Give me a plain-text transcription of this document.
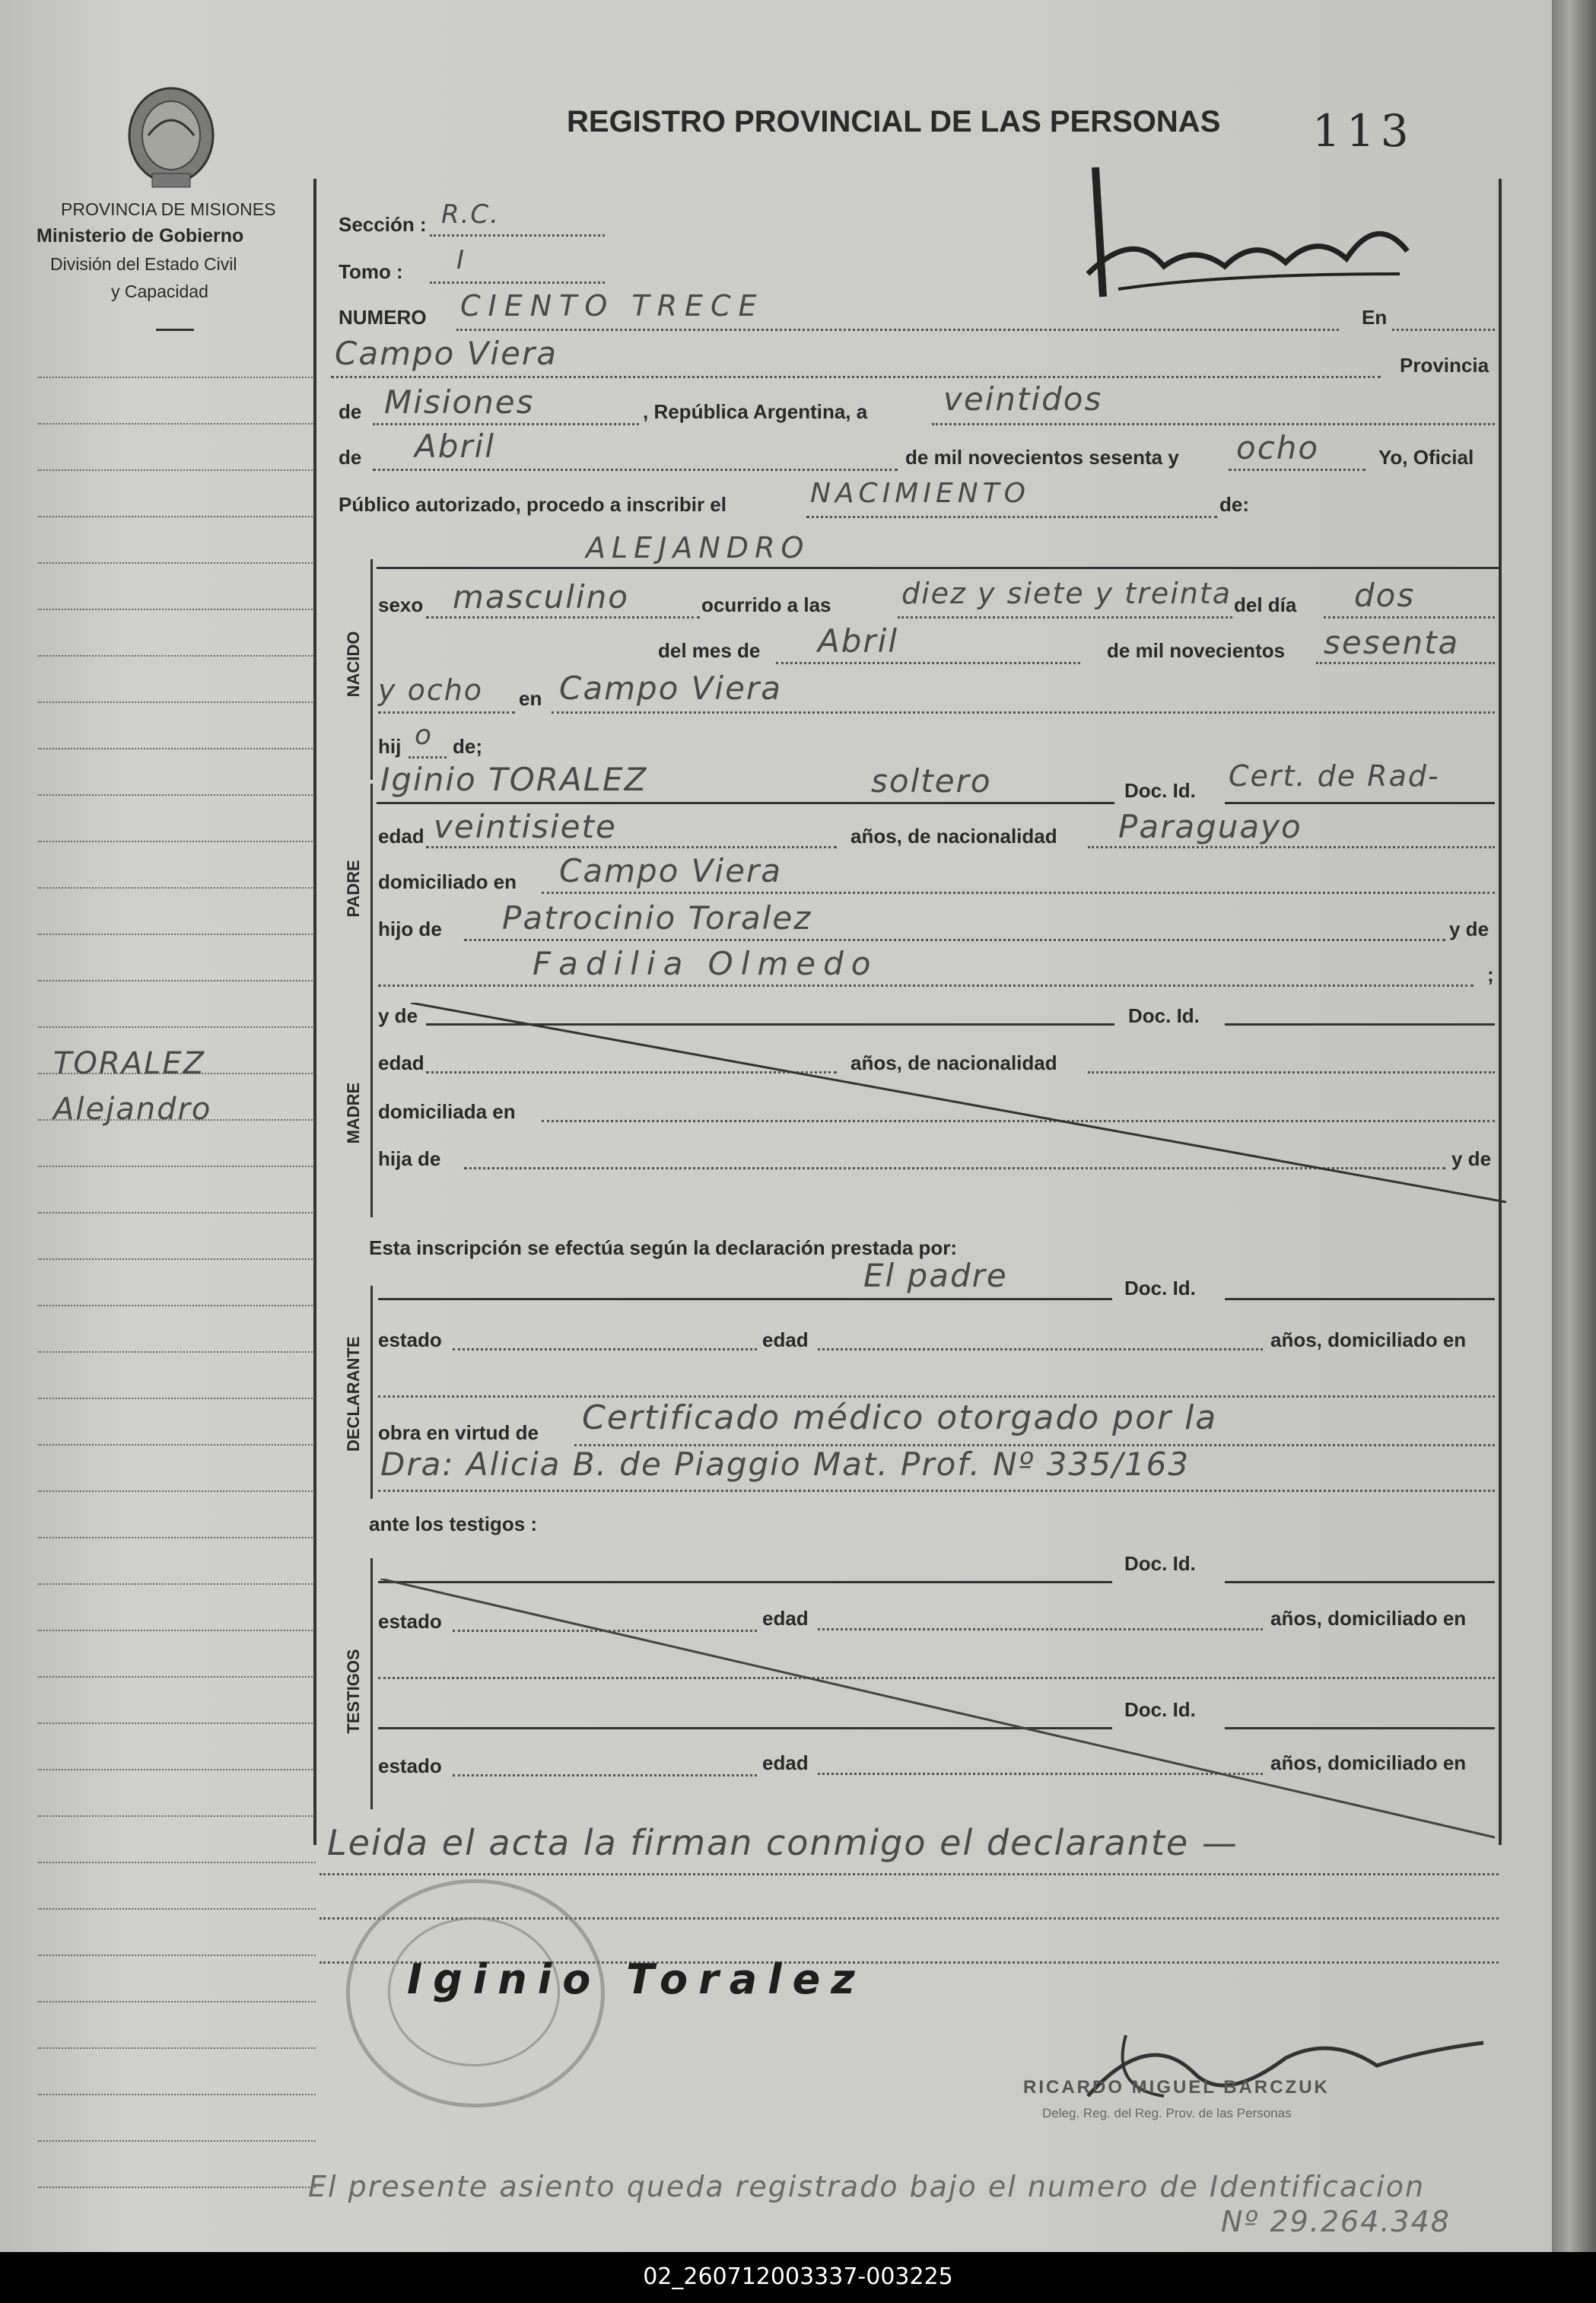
PROVINCIA DE MISIONES
Ministerio de Gobierno
División del Estado Civil
y Capacidad
TORALEZ
Alejandro
REGISTRO PROVINCIAL DE LAS PERSONAS 113
Sección : R.C.
Tomo : I
NUMERO CIENTO TRECE	En
Campo Viera	Provincia
de Misiones	, República Argentina, a veintidos
de Abril	de mil novecientos sesenta y ocho	Yo, Oficial
Público autorizado, procedo a inscribir el	NACIMIENTO	de:
NACIDO
ALEJANDRO
sexo masculino	ocurrido a las diez y siete y treinta del día dos
del mes de Abril	de mil novecientos sesenta
y ocho en Campo Viera
hij o de;
PADRE
Iginio TORALEZ	soltero	Doc. Id. Cert. de Rad-
edad veintisiete	años, de nacionalidad Paraguayo
domiciliado en Campo Viera
hijo de Patrocinio Toralez	y de
Fadilia Olmedo	;
MADRE
y de	Doc. Id.
edad	años, de nacionalidad
domiciliada en
hija de	y de
Esta inscripción se efectúa según la declaración prestada por:
DECLARANTE
El padre	Doc. Id.
estado	edad	años, domiciliado en
obra en virtud de Certificado médico otorgado por la
Dra: Alicia B. de Piaggio Mat. Prof. Nº 335/163
ante los testigos :
TESTIGOS
Doc. Id.
estado	edad	años, domiciliado en
Doc. Id.
estado	edad	años, domiciliado en
Leida el acta la firman conmigo el declarante —
Iginio Toralez
RICARDO MIGUEL BARCZUK
Deleg. Reg. del Reg. Prov. de las Personas
El presente asiento queda registrado bajo el numero de Identificacion
Nº 29.264.348
02_260712003337-003225
